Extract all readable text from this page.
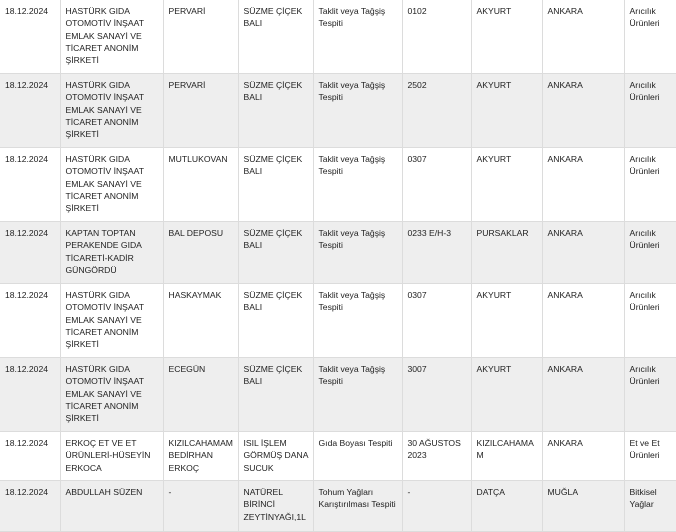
18.12.2024	HASTÜRK GIDA OTOMOTİV İNŞAAT EMLAK SANAYİ VE TİCARET ANONİM ŞİRKETİ	PERVARİ	SÜZME ÇİÇEK BALI	Taklit veya Tağşiş Tespiti	0102	AKYURT	ANKARA	Arıcılık Ürünleri
18.12.2024	HASTÜRK GIDA OTOMOTİV İNŞAAT EMLAK SANAYİ VE TİCARET ANONİM ŞİRKETİ	PERVARİ	SÜZME ÇİÇEK BALI	Taklit veya Tağşiş Tespiti	2502	AKYURT	ANKARA	Arıcılık Ürünleri
18.12.2024	HASTÜRK GIDA OTOMOTİV İNŞAAT EMLAK SANAYİ VE TİCARET ANONİM ŞİRKETİ	MUTLUKOVAN	SÜZME ÇİÇEK BALI	Taklit veya Tağşiş Tespiti	0307	AKYURT	ANKARA	Arıcılık Ürünleri
18.12.2024	KAPTAN TOPTAN PERAKENDE GIDA TİCARETİ-KADİR GÜNGÖRDÜ	BAL DEPOSU	SÜZME ÇİÇEK BALI	Taklit veya Tağşiş Tespiti	0233 E/H-3	PURSAKLAR	ANKARA	Arıcılık Ürünleri
18.12.2024	HASTÜRK GIDA OTOMOTİV İNŞAAT EMLAK SANAYİ VE TİCARET ANONİM ŞİRKETİ	HASKAYMAK	SÜZME ÇİÇEK BALI	Taklit veya Tağşiş Tespiti	0307	AKYURT	ANKARA	Arıcılık Ürünleri
18.12.2024	HASTÜRK GIDA OTOMOTİV İNŞAAT EMLAK SANAYİ VE TİCARET ANONİM ŞİRKETİ	ECEGÜN	SÜZME ÇİÇEK BALI	Taklit veya Tağşiş Tespiti	3007	AKYURT	ANKARA	Arıcılık Ürünleri
18.12.2024	ERKOÇ ET VE ET ÜRÜNLERİ-HÜSEYİN ERKOCA	KIZILCAHAMAM BEDİRHAN ERKOÇ	ISIL İŞLEM GÖRMÜŞ DANA SUCUK	Gıda Boyası Tespiti	30 AĞUSTOS 2023	KIZILCAHAMAM	ANKARA	Et ve Et Ürünleri
18.12.2024	ABDULLAH SÜZEN	-	NATÜREL BİRİNCİ ZEYTİNYAĞI,1L	Tohum Yağları Karıştırılması Tespiti	-	DATÇA	MUĞLA	Bitkisel Yağlar
